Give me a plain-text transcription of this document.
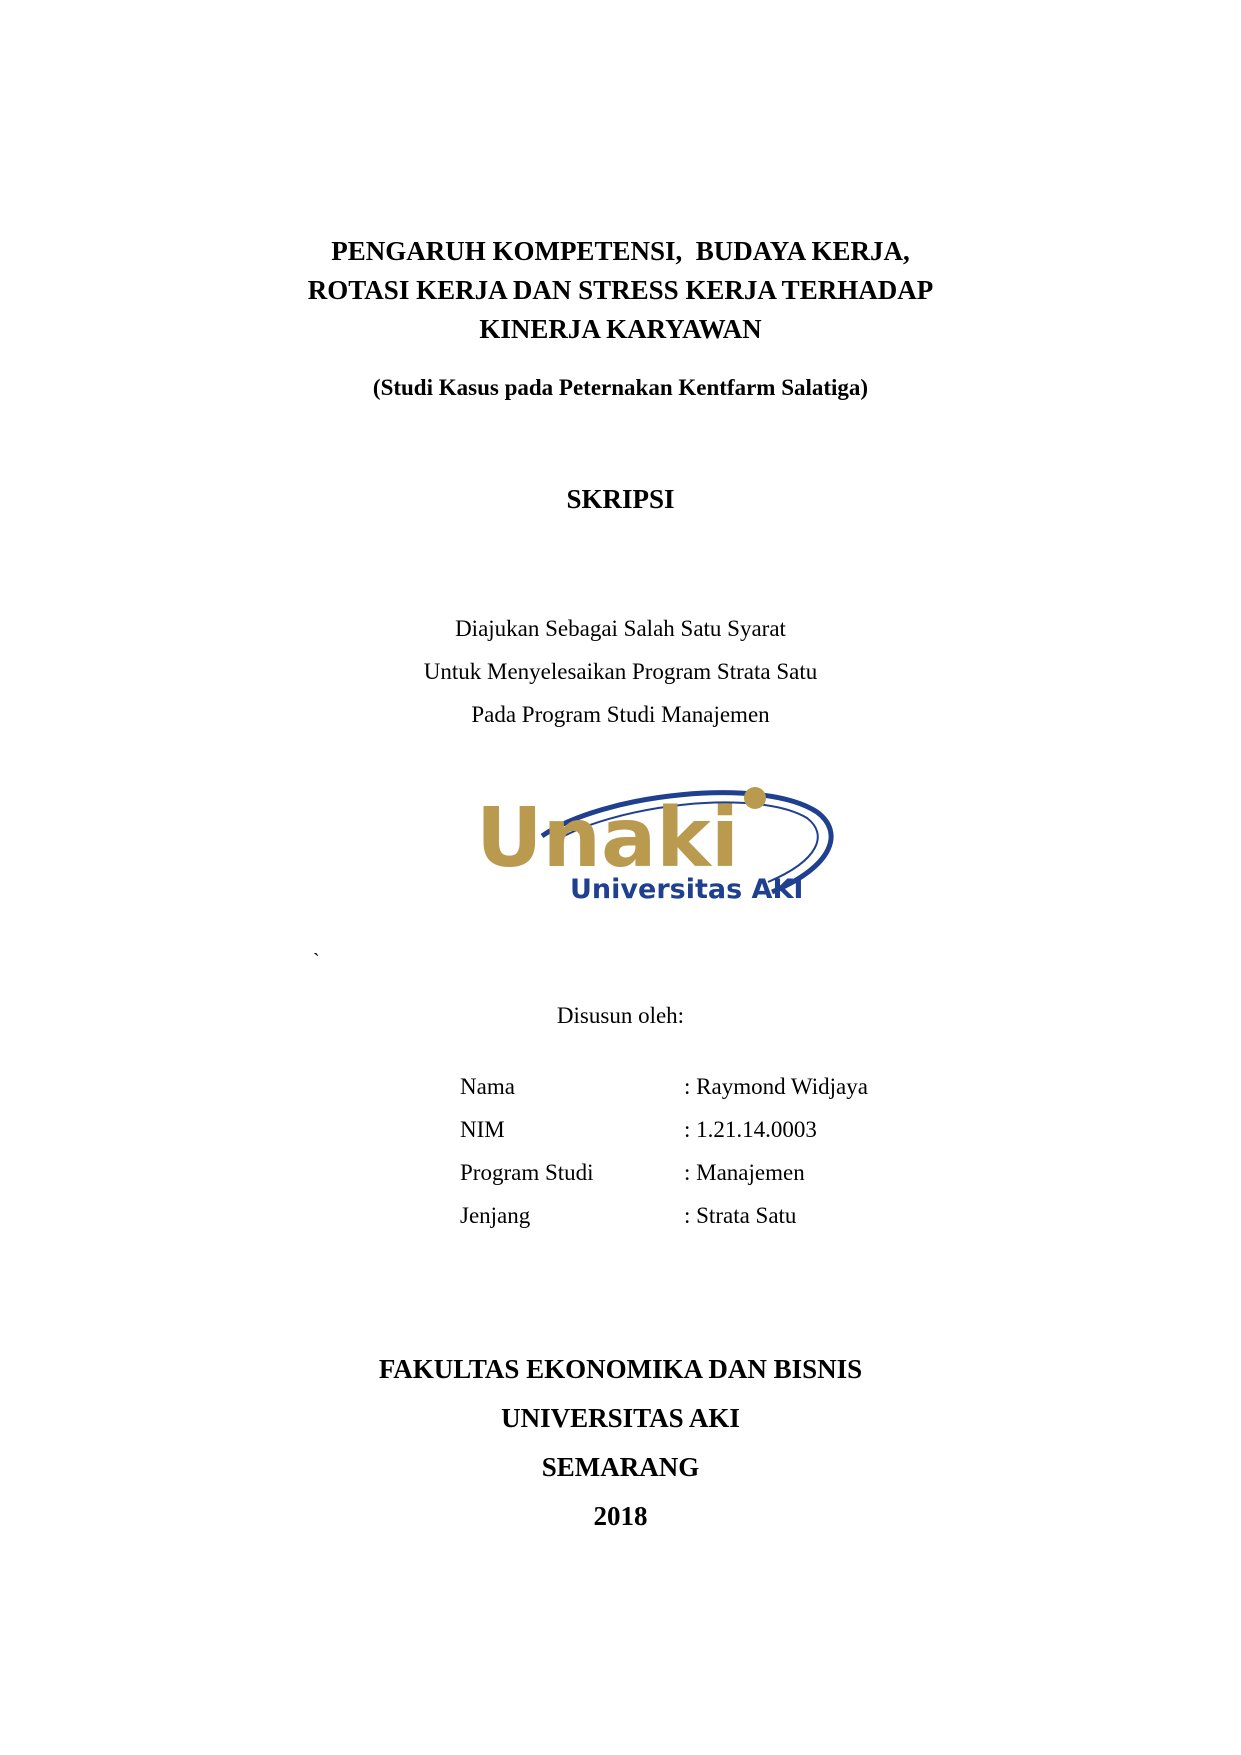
PENGARUH KOMPETENSI,  BUDAYA KERJA,
ROTASI KERJA DAN STRESS KERJA TERHADAP
KINERJA KARYAWAN
(Studi Kasus pada Peternakan Kentfarm Salatiga)
SKRIPSI
Diajukan Sebagai Salah Satu Syarat
Untuk Menyelesaikan Program Strata Satu
Pada Program Studi Manajemen
Unaki
Universitas AKI
`
Disusun oleh:
Nama	: Raymond Widjaya
NIM	: 1.21.14.0003
Program Studi	: Manajemen
Jenjang	: Strata Satu
FAKULTAS EKONOMIKA DAN BISNIS
UNIVERSITAS AKI
SEMARANG
2018
